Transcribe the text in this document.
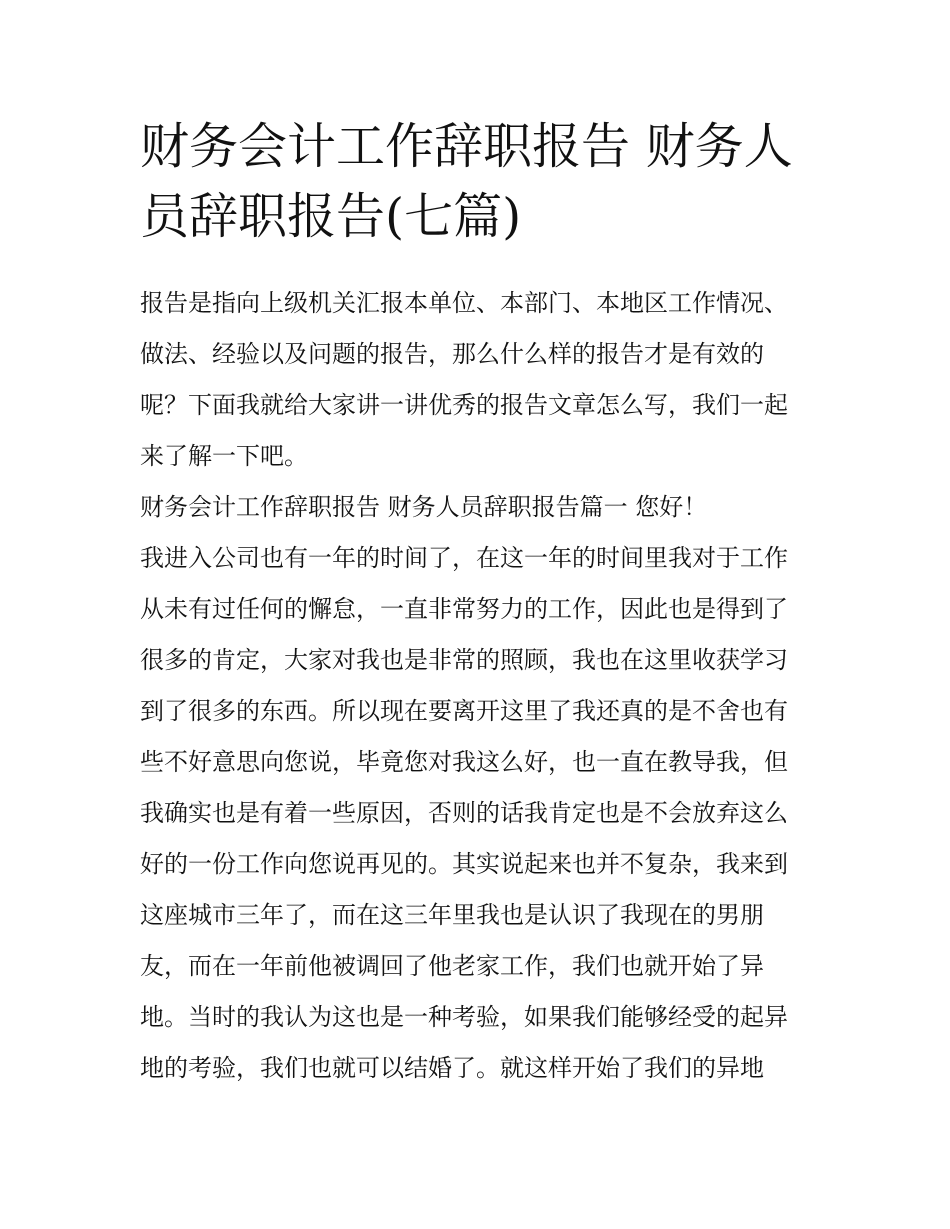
财务会计工作辞职报告 财务人
员辞职报告(七篇)
报告是指向上级机关汇报本单位、本部门、本地区工作情况、
做法、经验以及问题的报告，那么什么样的报告才是有效的
呢？下面我就给大家讲一讲优秀的报告文章怎么写，我们一起
来了解一下吧。
财务会计工作辞职报告 财务人员辞职报告篇一 您好！
我进入公司也有一年的时间了，在这一年的时间里我对于工作
从未有过任何的懈怠，一直非常努力的工作，因此也是得到了
很多的肯定，大家对我也是非常的照顾，我也在这里收获学习
到了很多的东西。所以现在要离开这里了我还真的是不舍也有
些不好意思向您说，毕竟您对我这么好，也一直在教导我，但
我确实也是有着一些原因，否则的话我肯定也是不会放弃这么
好的一份工作向您说再见的。其实说起来也并不复杂，我来到
这座城市三年了，而在这三年里我也是认识了我现在的男朋
友，而在一年前他被调回了他老家工作，我们也就开始了异
地。当时的我认为这也是一种考验，如果我们能够经受的起异
地的考验，我们也就可以结婚了。就这样开始了我们的异地
